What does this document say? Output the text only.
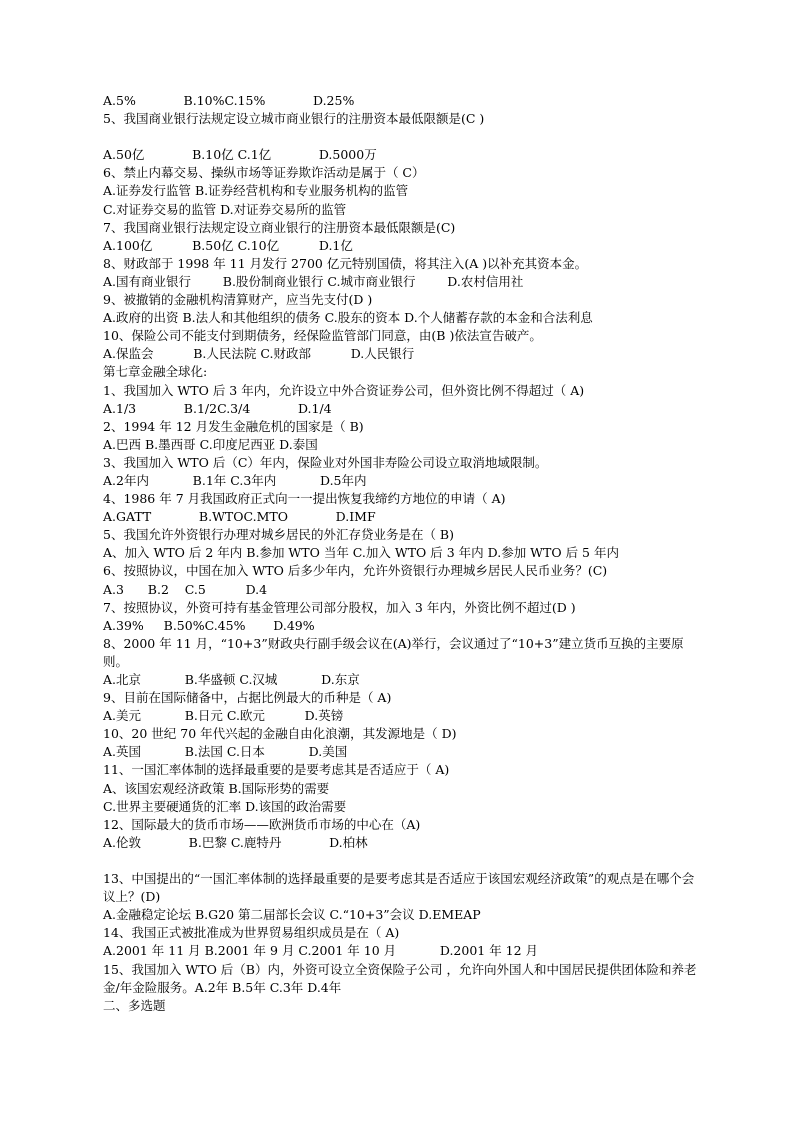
A.5%            B.10%C.15%            D.25%
5、我国商业银行法规定设立城市商业银行的注册资本最低限额是(C )
A.50亿            B.10亿 C.1亿            D.5000万
6、禁止内幕交易、操纵市场等证券欺诈活动是属于（ C）
A.证券发行监管 B.证券经营机构和专业服务机构的监管
C.对证券交易的监管 D.对证券交易所的监管
7、我国商业银行法规定设立商业银行的注册资本最低限额是(C)
A.100亿          B.50亿 C.10亿          D.1亿
8、财政部于 1998 年 11 月发行 2700 亿元特别国债，将其注入(A )以补充其资本金。
A.国有商业银行        B.股份制商业银行 C.城市商业银行        D.农村信用社
9、被撤销的金融机构清算财产，应当先支付(D )
A.政府的出资 B.法人和其他组织的债务 C.股东的资本 D.个人储蓄存款的本金和合法利息
10、保险公司不能支付到期债务，经保险监管部门同意，由(B )依法宣告破产。
A.保监会          B.人民法院 C.财政部          D.人民银行
第七章金融全球化:
1、我国加入 WTO 后 3 年内，允许设立中外合资证券公司，但外资比例不得超过（ A)
A.1/3            B.1/2C.3/4            D.1/4
2、1994 年 12 月发生金融危机的国家是（ B)
A.巴西 B.墨西哥 C.印度尼西亚 D.泰国
3、我国加入 WTO 后（C）年内，保险业对外国非寿险公司设立取消地域限制。
A.2年内           B.1年 C.3年内           D.5年内
4、1986 年 7 月我国政府正式向一一提出恢复我缔约方地位的申请（ A)
A.GATT            B.WTOC.MTO            D.IMF
5、我国允许外资银行办理对城乡居民的外汇存贷业务是在（ B)
A、加入 WTO 后 2 年内 B.参加 WTO 当年 C.加入 WTO 后 3 年内 D.参加 WTO 后 5 年内
6、按照协议，中国在加入 WTO 后多少年内，允许外资银行办理城乡居民人民币业务？(C)
A.3      B.2    C.5          D.4
7、按照协议，外资可持有基金管理公司部分股权，加入 3 年内，外资比例不超过(D )
A.39%     B.50%C.45%       D.49%
8、2000 年 11 月，“10+3”财政央行副手级会议在(A)举行，会议通过了“10+3”建立货币互换的主要原则。
A.北京           B.华盛顿 C.汉城           D.东京
9、目前在国际储备中，占据比例最大的币种是（ A)
A.美元           B.日元 C.欧元          D.英镑
10、20 世纪 70 年代兴起的金融自由化浪潮，其发源地是（ D)
A.英国           B.法国 C.日本           D.美国
11、一国汇率体制的选择最重要的是要考虑其是否适应于（ A)
A、该国宏观经济政策 B.国际形势的需要
C.世界主要硬通货的汇率 D.该国的政治需要
12、国际最大的货币市场——欧洲货币市场的中心在（A)
A.伦敦            B.巴黎 C.鹿特丹            D.柏林
13、中国提出的“一国汇率体制的选择最重要的是要考虑其是否适应于该国宏观经济政策”的观点是在哪个会议上？(D)
A.金融稳定论坛 B.G20 第二届部长会议 C.“10+3”会议 D.EMEAP
14、我国正式被批准成为世界贸易组织成员是在（ A)
A.2001 年 11 月 B.2001 年 9 月 C.2001 年 10 月           D.2001 年 12 月
15、我国加入 WTO 后（B）内，外资可设立全资保险子公司 ，允许向外国人和中国居民提供团体险和养老金/年金险服务。A.2年 B.5年 C.3年 D.4年
二、多选题
